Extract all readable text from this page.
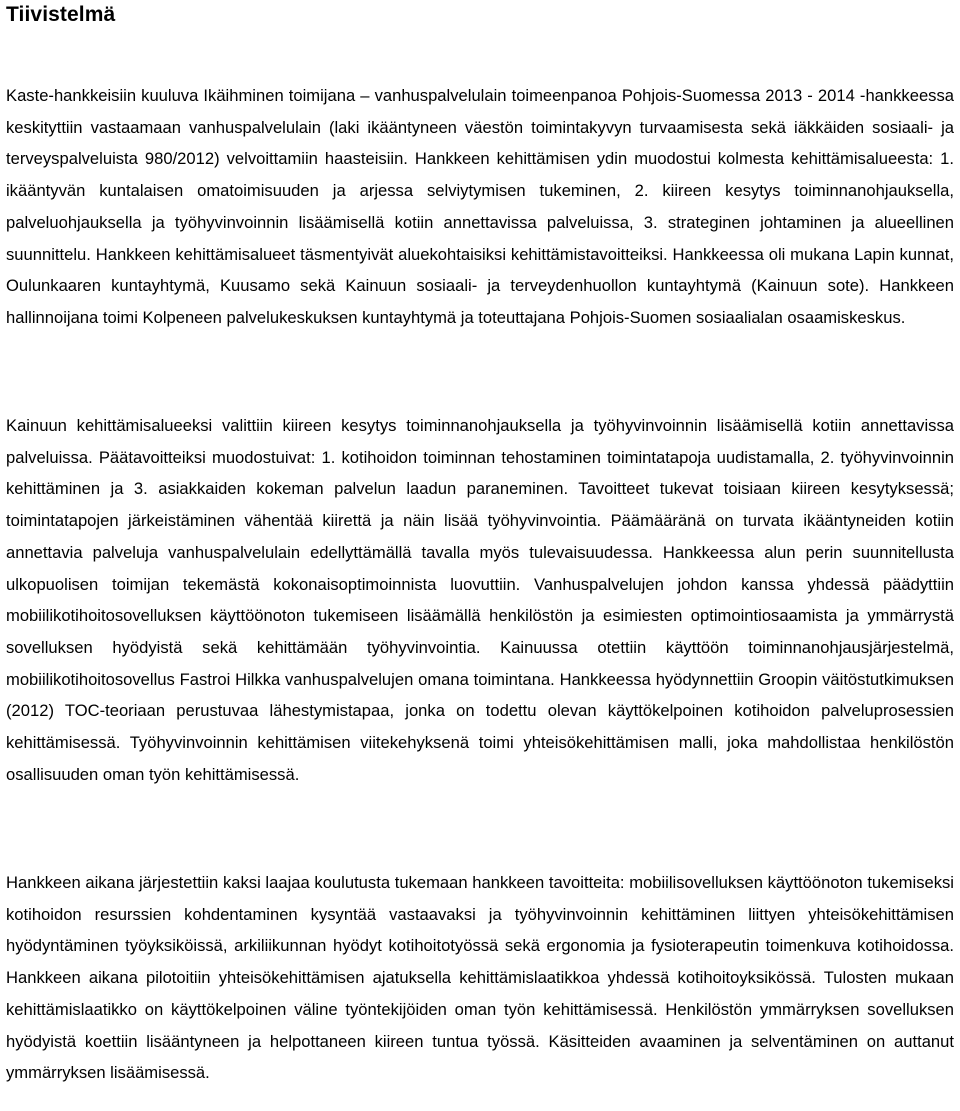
Tiivistelmä

Kaste-hankkeisiin kuuluva Ikäihminen toimijana – vanhuspalvelulain toimeenpanoa Pohjois-Suomessa 2013 - 2014 -hankkeessa keskityttiin vastaamaan vanhuspalvelulain (laki ikääntyneen väestön toimintakyvyn turvaamisesta sekä iäkkäiden sosiaali- ja terveyspalveluista 980/2012) velvoittamiin haasteisiin. Hankkeen kehittämisen ydin muodostui kolmesta kehittämisalueesta: 1. ikääntyvän kuntalaisen omatoimisuuden ja arjessa selviytymisen tukeminen, 2. kiireen kesytys toiminnanohjauksella, palveluohjauksella ja työhyvinvoinnin lisäämisellä kotiin annettavissa palveluissa, 3. strateginen johtaminen ja alueellinen suunnittelu. Hankkeen kehittämisalueet täsmentyivät aluekohtaisiksi kehittämistavoitteiksi. Hankkeessa oli mukana Lapin kunnat, Oulunkaaren kuntayhtymä, Kuusamo sekä Kainuun sosiaali- ja terveydenhuollon kuntayhtymä (Kainuun sote). Hankkeen hallinnoijana toimi Kolpeneen palvelukeskuksen kuntayhtymä ja toteuttajana Pohjois-Suomen sosiaalialan osaamiskeskus.

Kainuun kehittämisalueeksi valittiin kiireen kesytys toiminnanohjauksella ja työhyvinvoinnin lisäämisellä kotiin annettavissa palveluissa. Päätavoitteiksi muodostuivat: 1. kotihoidon toiminnan tehostaminen toimintatapoja uudistamalla, 2. työhyvinvoinnin kehittäminen ja 3. asiakkaiden kokeman palvelun laadun paraneminen. Tavoitteet tukevat toisiaan kiireen kesytyksessä; toimintatapojen järkeistäminen vähentää kiirettä ja näin lisää työhyvinvointia. Päämääränä on turvata ikääntyneiden kotiin annettavia palveluja vanhuspalvelulain edellyttämällä tavalla myös tulevaisuudessa. Hankkeessa alun perin suunnitellusta ulkopuolisen toimijan tekemästä kokonaisoptimoinnista luovuttiin. Vanhuspalvelujen johdon kanssa yhdessä päädyttiin mobiilikotihoitosovelluksen käyttöönoton tukemiseen lisäämällä henkilöstön ja esimiesten optimointiosaamista ja ymmärrystä sovelluksen hyödyistä sekä kehittämään työhyvinvointia. Kainuussa otettiin käyttöön toiminnanohjausjärjestelmä, mobiilikotihoitosovellus Fastroi Hilkka vanhuspalvelujen omana toimintana. Hankkeessa hyödynnettiin Groopin väitöstutkimuksen (2012) TOC-teoriaan perustuvaa lähestymistapaa, jonka on todettu olevan käyttökelpoinen kotihoidon palveluprosessien kehittämisessä. Työhyvinvoinnin kehittämisen viitekehyksenä toimi yhteisökehittämisen malli, joka mahdollistaa henkilöstön osallisuuden oman työn kehittämisessä.

Hankkeen aikana järjestettiin kaksi laajaa koulutusta tukemaan hankkeen tavoitteita: mobiilisovelluksen käyttöönoton tukemiseksi kotihoidon resurssien kohdentaminen kysyntää vastaavaksi ja työhyvinvoinnin kehittäminen liittyen yhteisökehittämisen hyödyntäminen työyksiköissä, arkiliikunnan hyödyt kotihoitotyössä sekä ergonomia ja fysioterapeutin toimenkuva kotihoidossa. Hankkeen aikana pilotoitiin yhteisökehittämisen ajatuksella kehittämislaatikkoa yhdessä kotihoitoyksikössä. Tulosten mukaan kehittämislaatikko on käyttökelpoinen väline työntekijöiden oman työn kehittämisessä. Henkilöstön ymmärryksen sovelluksen hyödyistä koettiin lisääntyneen ja helpottaneen kiireen tuntua työssä. Käsitteiden avaaminen ja selventäminen on auttanut ymmärryksen lisäämisessä.
